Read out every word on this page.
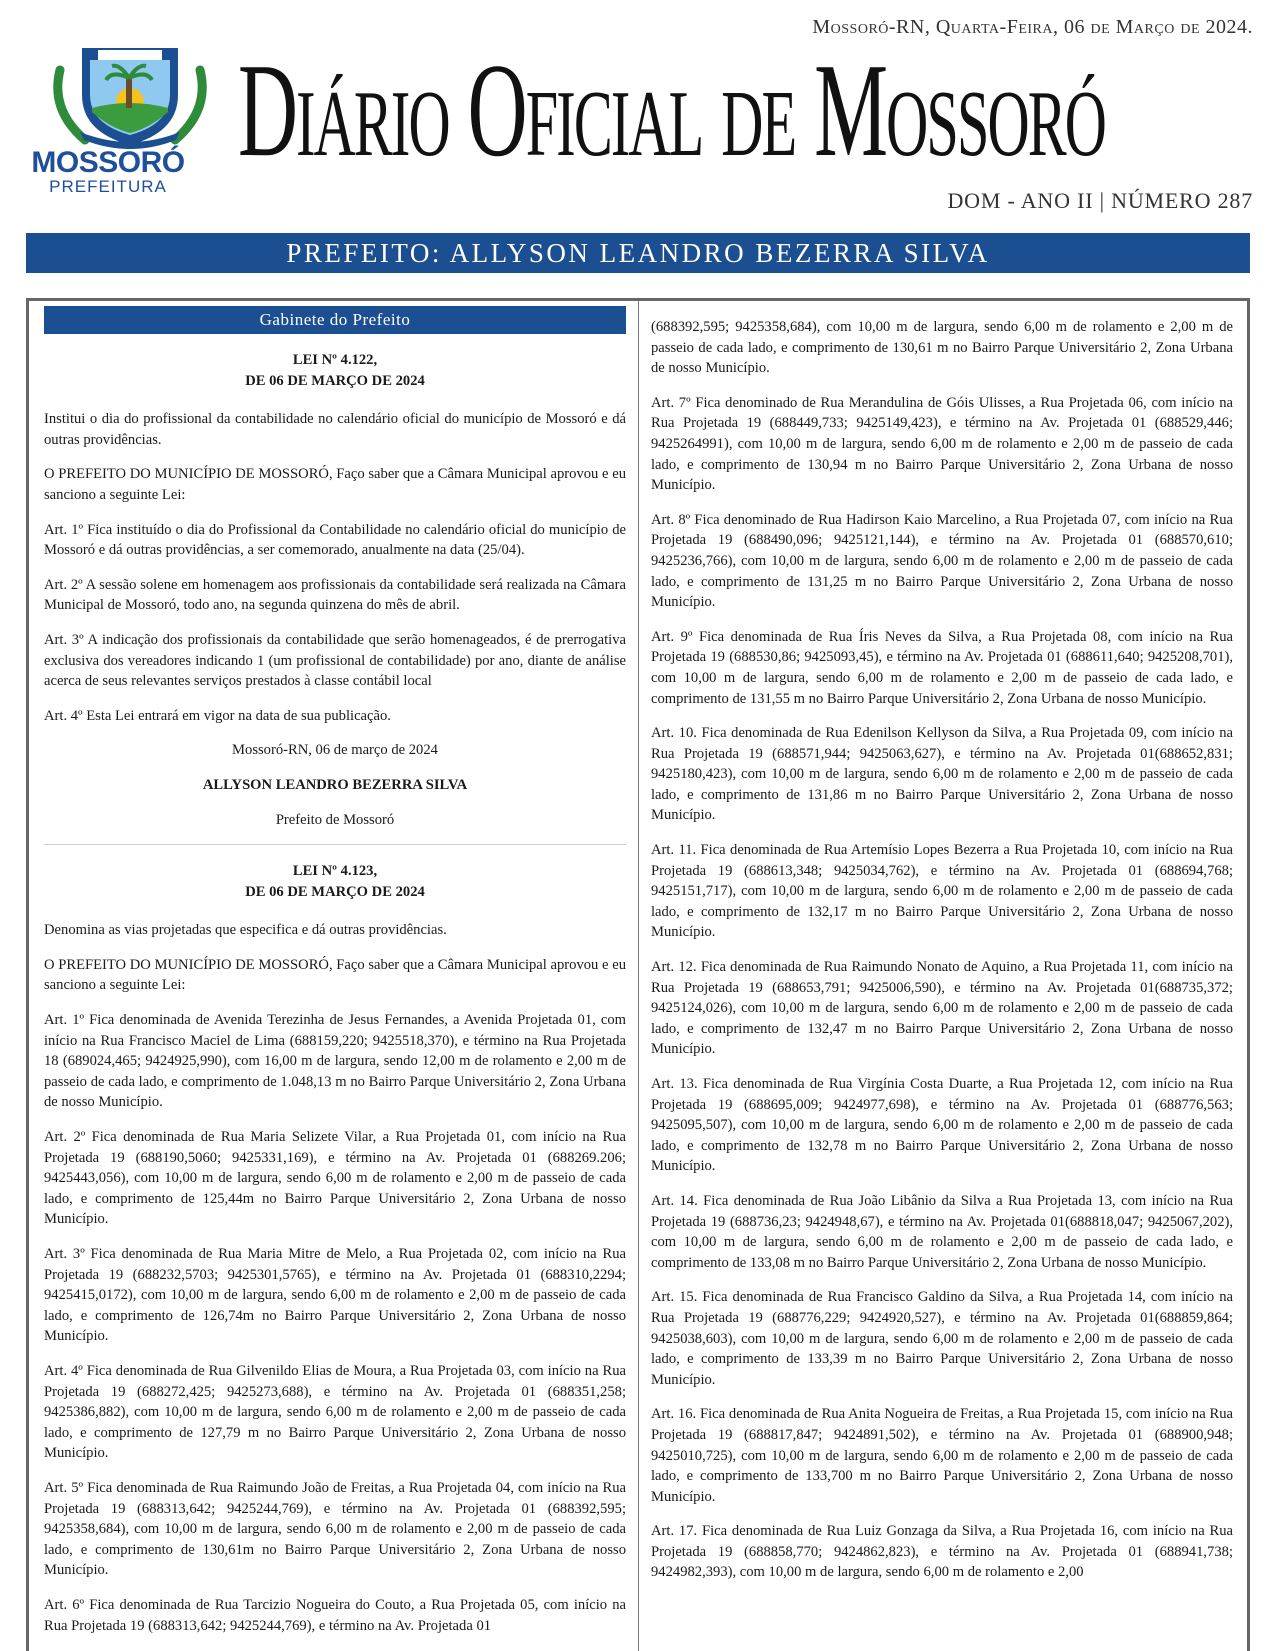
Mossoró-RN, Quarta-Feira, 06 de Março de 2024.
MOSSORÓ
PREFEITURA
Diário Oficial de Mossoró
DOM - ANO II | NÚMERO 287
PREFEITO: ALLYSON LEANDRO BEZERRA SILVA
Gabinete do Prefeito
LEI Nº 4.122,
DE 06 DE MARÇO DE 2024

Institui o dia do profissional da contabilidade no calendário oficial do município de Mossoró e dá outras providências.

O PREFEITO DO MUNICÍPIO DE MOSSORÓ, Faço saber que a Câmara Municipal aprovou e eu sanciono a seguinte Lei:

Art. 1º Fica instituído o dia do Profissional da Contabilidade no calendário oficial do município de Mossoró e dá outras providências, a ser comemorado, anualmente na data (25/04).

Art. 2º A sessão solene em homenagem aos profissionais da contabilidade será realizada na Câmara Municipal de Mossoró, todo ano, na segunda quinzena do mês de abril.

Art. 3º A indicação dos profissionais da contabilidade que serão homenageados, é de prerrogativa exclusiva dos vereadores indicando 1 (um profissional de contabilidade) por ano, diante de análise acerca de seus relevantes serviços prestados à classe contábil local

Art. 4º Esta Lei entrará em vigor na data de sua publicação.

Mossoró-RN, 06 de março de 2024

ALLYSON LEANDRO BEZERRA SILVA

Prefeito de Mossoró

LEI Nº 4.123,
DE 06 DE MARÇO DE 2024

Denomina as vias projetadas que especifica e dá outras providências.

O PREFEITO DO MUNICÍPIO DE MOSSORÓ, Faço saber que a Câmara Municipal aprovou e eu sanciono a seguinte Lei:

Art. 1º Fica denominada de Avenida Terezinha de Jesus Fernandes, a Avenida Projetada 01, com início na Rua Francisco Maciel de Lima (688159,220; 9425518,370), e término na Rua Projetada 18 (689024,465; 9424925,990), com 16,00 m de largura, sendo 12,00 m de rolamento e 2,00 m de passeio de cada lado, e comprimento de 1.048,13 m no Bairro Parque Universitário 2, Zona Urbana de nosso Município.

Art. 2º Fica denominada de Rua Maria Selizete Vilar, a Rua Projetada 01, com início na Rua Projetada 19 (688190,5060; 9425331,169), e término na Av. Projetada 01 (688269.206; 9425443,056), com 10,00 m de largura, sendo 6,00 m de rolamento e 2,00 m de passeio de cada lado, e comprimento de 125,44m no Bairro Parque Universitário 2, Zona Urbana de nosso Município.

Art. 3º Fica denominada de Rua Maria Mitre de Melo, a Rua Projetada 02, com início na Rua Projetada 19 (688232,5703; 9425301,5765), e término na Av. Projetada 01 (688310,2294; 9425415,0172), com 10,00 m de largura, sendo 6,00 m de rolamento e 2,00 m de passeio de cada lado, e comprimento de 126,74m no Bairro Parque Universitário 2, Zona Urbana de nosso Município.

Art. 4º Fica denominada de Rua Gilvenildo Elias de Moura, a Rua Projetada 03, com início na Rua Projetada 19 (688272,425; 9425273,688), e término na Av. Projetada 01 (688351,258; 9425386,882), com 10,00 m de largura, sendo 6,00 m de rolamento e 2,00 m de passeio de cada lado, e comprimento de 127,79 m no Bairro Parque Universitário 2, Zona Urbana de nosso Município.

Art. 5º Fica denominada de Rua Raimundo João de Freitas, a Rua Projetada 04, com início na Rua Projetada 19 (688313,642; 9425244,769), e término na Av. Projetada 01 (688392,595; 9425358,684), com 10,00 m de largura, sendo 6,00 m de rolamento e 2,00 m de passeio de cada lado, e comprimento de 130,61m no Bairro Parque Universitário 2, Zona Urbana de nosso Município.

Art. 6º Fica denominada de Rua Tarcizio Nogueira do Couto, a Rua Projetada 05, com início na Rua Projetada 19 (688313,642; 9425244,769), e término na Av. Projetada 01

(688392,595; 9425358,684), com 10,00 m de largura, sendo 6,00 m de rolamento e 2,00 m de passeio de cada lado, e comprimento de 130,61 m no Bairro Parque Universitário 2, Zona Urbana de nosso Município.

Art. 7º Fica denominado de Rua Merandulina de Góis Ulisses, a Rua Projetada 06, com início na Rua Projetada 19 (688449,733; 9425149,423), e término na Av. Projetada 01 (688529,446; 9425264991), com 10,00 m de largura, sendo 6,00 m de rolamento e 2,00 m de passeio de cada lado, e comprimento de 130,94 m no Bairro Parque Universitário 2, Zona Urbana de nosso Município.

Art. 8º Fica denominado de Rua Hadirson Kaio Marcelino, a Rua Projetada 07, com início na Rua Projetada 19 (688490,096; 9425121,144), e término na Av. Projetada 01 (688570,610; 9425236,766), com 10,00 m de largura, sendo 6,00 m de rolamento e 2,00 m de passeio de cada lado, e comprimento de 131,25 m no Bairro Parque Universitário 2, Zona Urbana de nosso Município.

Art. 9º Fica denominada de Rua Íris Neves da Silva, a Rua Projetada 08, com início na Rua Projetada 19 (688530,86; 9425093,45), e término na Av. Projetada 01 (688611,640; 9425208,701), com 10,00 m de largura, sendo 6,00 m de rolamento e 2,00 m de passeio de cada lado, e comprimento de 131,55 m no Bairro Parque Universitário 2, Zona Urbana de nosso Município.

Art. 10. Fica denominada de Rua Edenilson Kellyson da Silva, a Rua Projetada 09, com início na Rua Projetada 19 (688571,944; 9425063,627), e término na Av. Projetada 01(688652,831; 9425180,423), com 10,00 m de largura, sendo 6,00 m de rolamento e 2,00 m de passeio de cada lado, e comprimento de 131,86 m no Bairro Parque Universitário 2, Zona Urbana de nosso Município.

Art. 11. Fica denominada de Rua Artemísio Lopes Bezerra a Rua Projetada 10, com início na Rua Projetada 19 (688613,348; 9425034,762), e término na Av. Projetada 01 (688694,768; 9425151,717), com 10,00 m de largura, sendo 6,00 m de rolamento e 2,00 m de passeio de cada lado, e comprimento de 132,17 m no Bairro Parque Universitário 2, Zona Urbana de nosso Município.

Art. 12. Fica denominada de Rua Raimundo Nonato de Aquino, a Rua Projetada 11, com início na Rua Projetada 19 (688653,791; 9425006,590), e término na Av. Projetada 01(688735,372; 9425124,026), com 10,00 m de largura, sendo 6,00 m de rolamento e 2,00 m de passeio de cada lado, e comprimento de 132,47 m no Bairro Parque Universitário 2, Zona Urbana de nosso Município.

Art. 13. Fica denominada de Rua Virgínia Costa Duarte, a Rua Projetada 12, com início na Rua Projetada 19 (688695,009; 9424977,698), e término na Av. Projetada 01 (688776,563; 9425095,507), com 10,00 m de largura, sendo 6,00 m de rolamento e 2,00 m de passeio de cada lado, e comprimento de 132,78 m no Bairro Parque Universitário 2, Zona Urbana de nosso Município.

Art. 14. Fica denominada de Rua João Libânio da Silva a Rua Projetada 13, com início na Rua Projetada 19 (688736,23; 9424948,67), e término na Av. Projetada 01(688818,047; 9425067,202), com 10,00 m de largura, sendo 6,00 m de rolamento e 2,00 m de passeio de cada lado, e comprimento de 133,08 m no Bairro Parque Universitário 2, Zona Urbana de nosso Município.

Art. 15. Fica denominada de Rua Francisco Galdino da Silva, a Rua Projetada 14, com início na Rua Projetada 19 (688776,229; 9424920,527), e término na Av. Projetada 01(688859,864; 9425038,603), com 10,00 m de largura, sendo 6,00 m de rolamento e 2,00 m de passeio de cada lado, e comprimento de 133,39 m no Bairro Parque Universitário 2, Zona Urbana de nosso Município.

Art. 16. Fica denominada de Rua Anita Nogueira de Freitas, a Rua Projetada 15, com início na Rua Projetada 19 (688817,847; 9424891,502), e término na Av. Projetada 01 (688900,948; 9425010,725), com 10,00 m de largura, sendo 6,00 m de rolamento e 2,00 m de passeio de cada lado, e comprimento de 133,700 m no Bairro Parque Universitário 2, Zona Urbana de nosso Município.

Art. 17. Fica denominada de Rua Luiz Gonzaga da Silva, a Rua Projetada 16, com início na Rua Projetada 19 (688858,770; 9424862,823), e término na Av. Projetada 01 (688941,738; 9424982,393), com 10,00 m de largura, sendo 6,00 m de rolamento e 2,00
